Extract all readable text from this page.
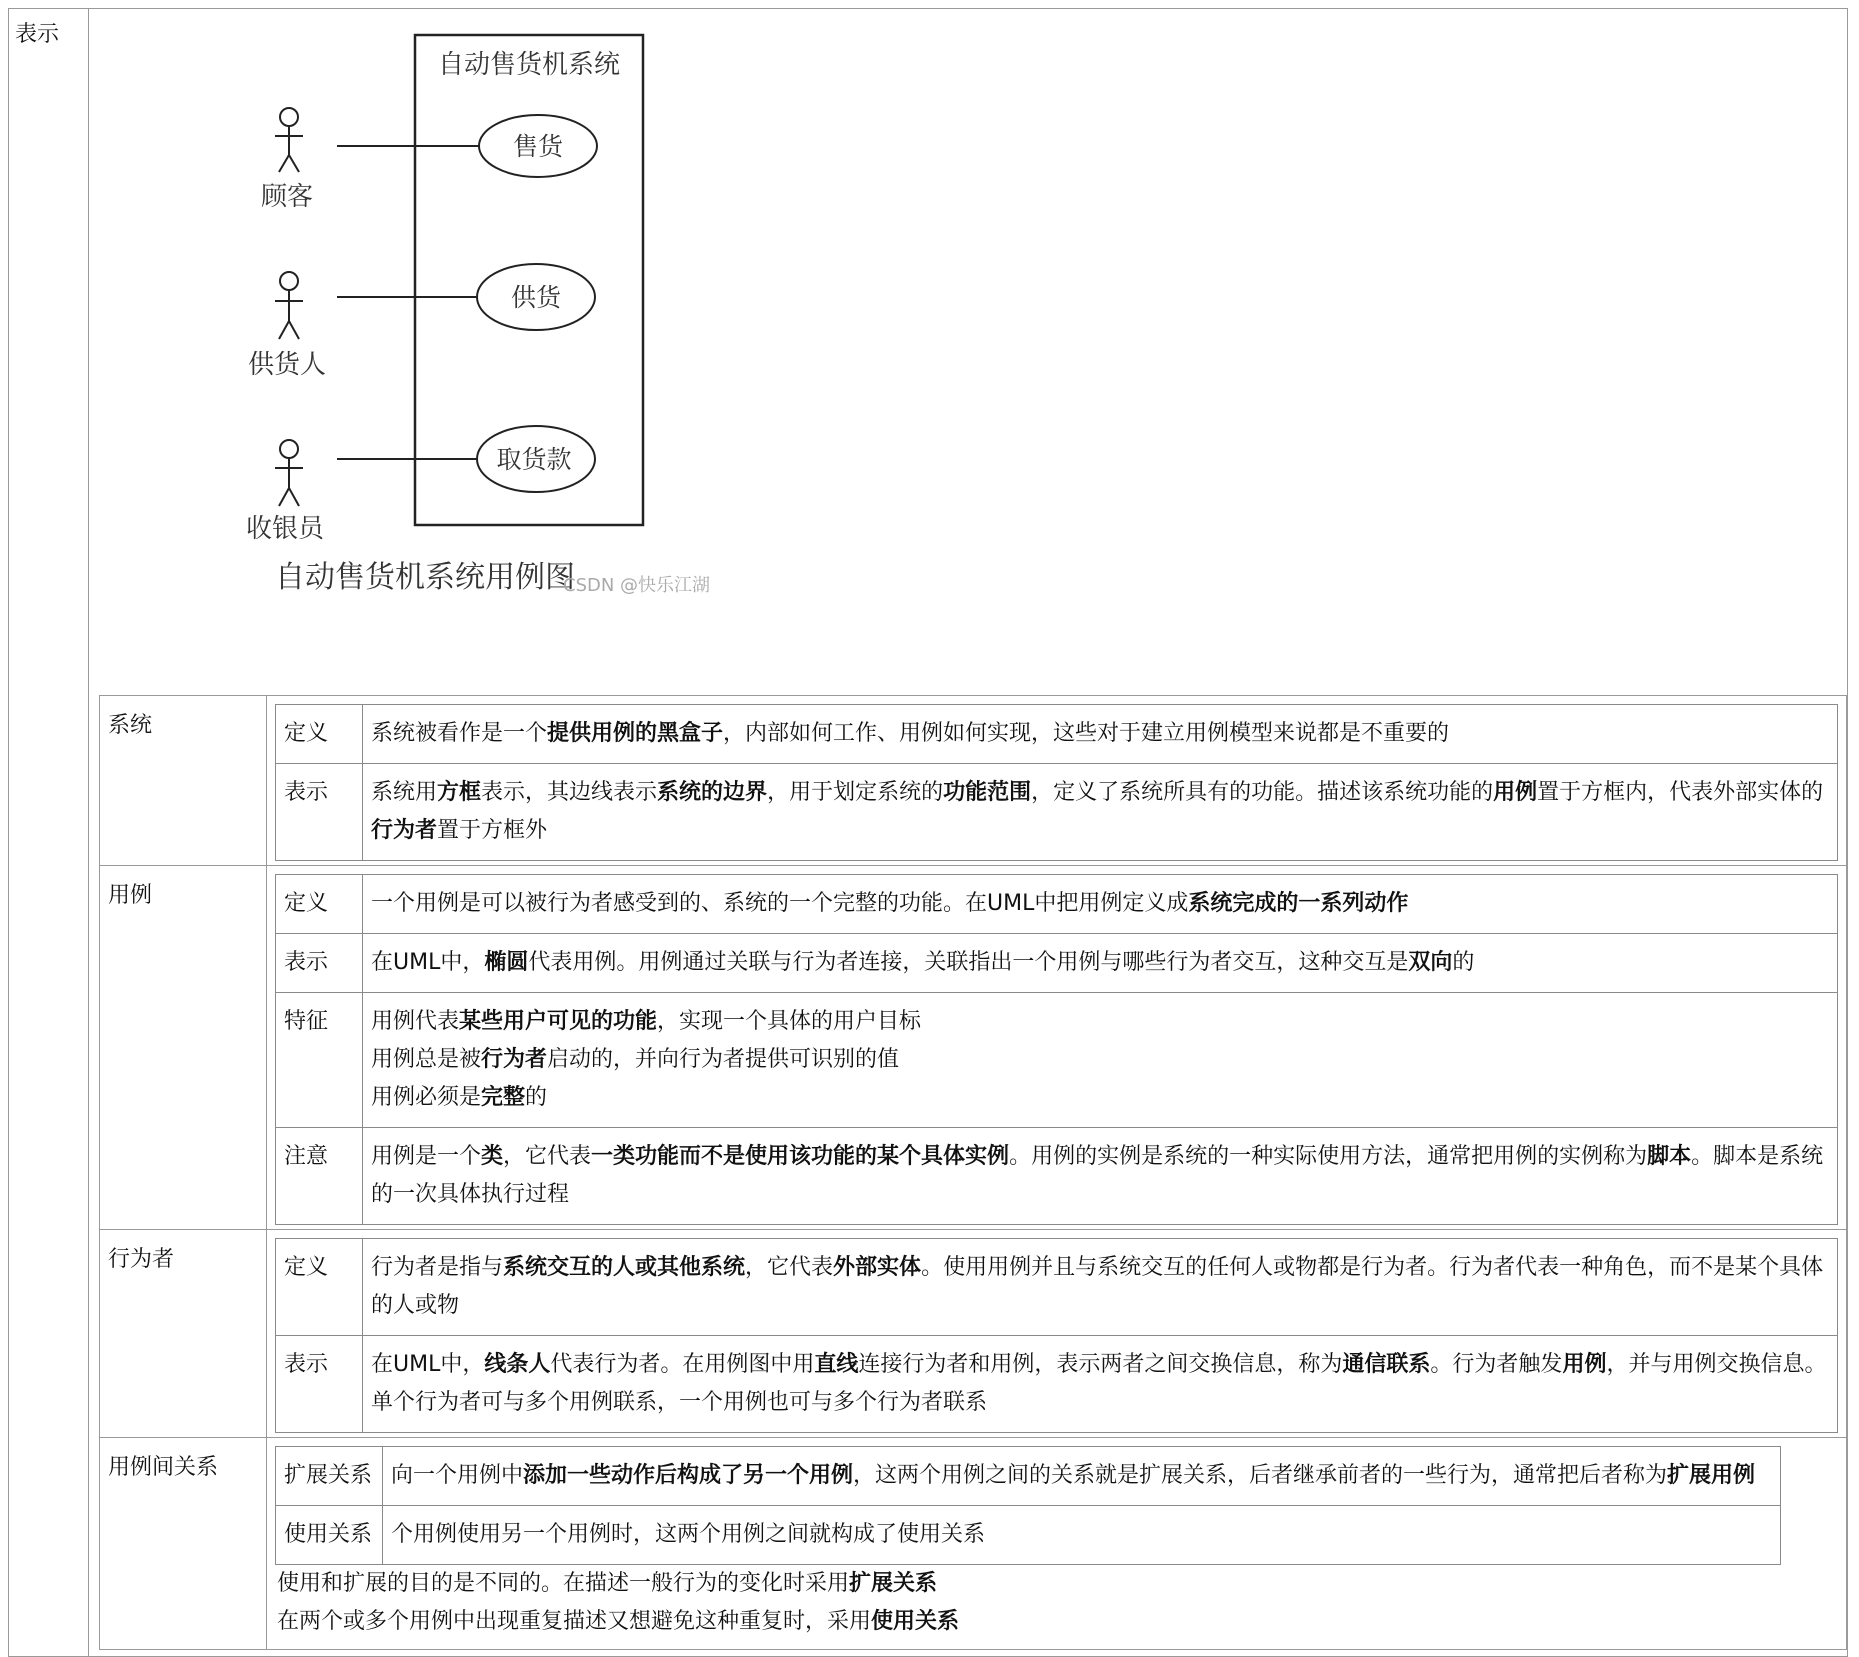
表示	
自动售货机系统
顾客
供货人
收银员
售货
供货
取货款
自动售货机系统用例图
CSDN @快乐江湖
系统		定义	系统被看作是一个提供用例的黑盒子，内部如何工作、用例如何实现，这些对于建立用例模型来说都是不重要的
表示	系统用方框表示，其边线表示系统的边界，用于划定系统的功能范围，定义了系统所具有的功能。描述该系统功能的用例置于方框内，代表外部实体的行为者置于方框外

用例		定义	一个用例是可以被行为者感受到的、系统的一个完整的功能。在UML中把用例定义成系统完成的一系列动作
表示	在UML中，椭圆代表用例。用例通过关联与行为者连接，关联指出一个用例与哪些行为者交互，这种交互是双向的
特征	用例代表某些用户可见的功能，实现一个具体的用户目标

用例总是被行为者启动的，并向行为者提供可识别的值

用例必须是完整的

注意	用例是一个类，它代表一类功能而不是使用该功能的某个具体实例。用例的实例是系统的一种实际使用方法，通常把用例的实例称为脚本。脚本是系统的一次具体执行过程

行为者		定义	行为者是指与系统交互的人或其他系统，它代表外部实体。使用用例并且与系统交互的任何人或物都是行为者。行为者代表一种角色，而不是某个具体的人或物
表示	在UML中，线条人代表行为者。在用例图中用直线连接行为者和用例，表示两者之间交换信息，称为通信联系。行为者触发用例，并与用例交换信息。单个行为者可与多个用例联系，一个用例也可与多个行为者联系

用例间关系		扩展关系	向一个用例中添加一些动作后构成了另一个用例，这两个用例之间的关系就是扩展关系，后者继承前者的一些行为，通常把后者称为扩展用例
使用关系	个用例使用另一个用例时，这两个用例之间就构成了使用关系

使用和扩展的目的是不同的。在描述一般行为的变化时采用扩展关系

在两个或多个用例中出现重复描述又想避免这种重复时，采用使用关系
